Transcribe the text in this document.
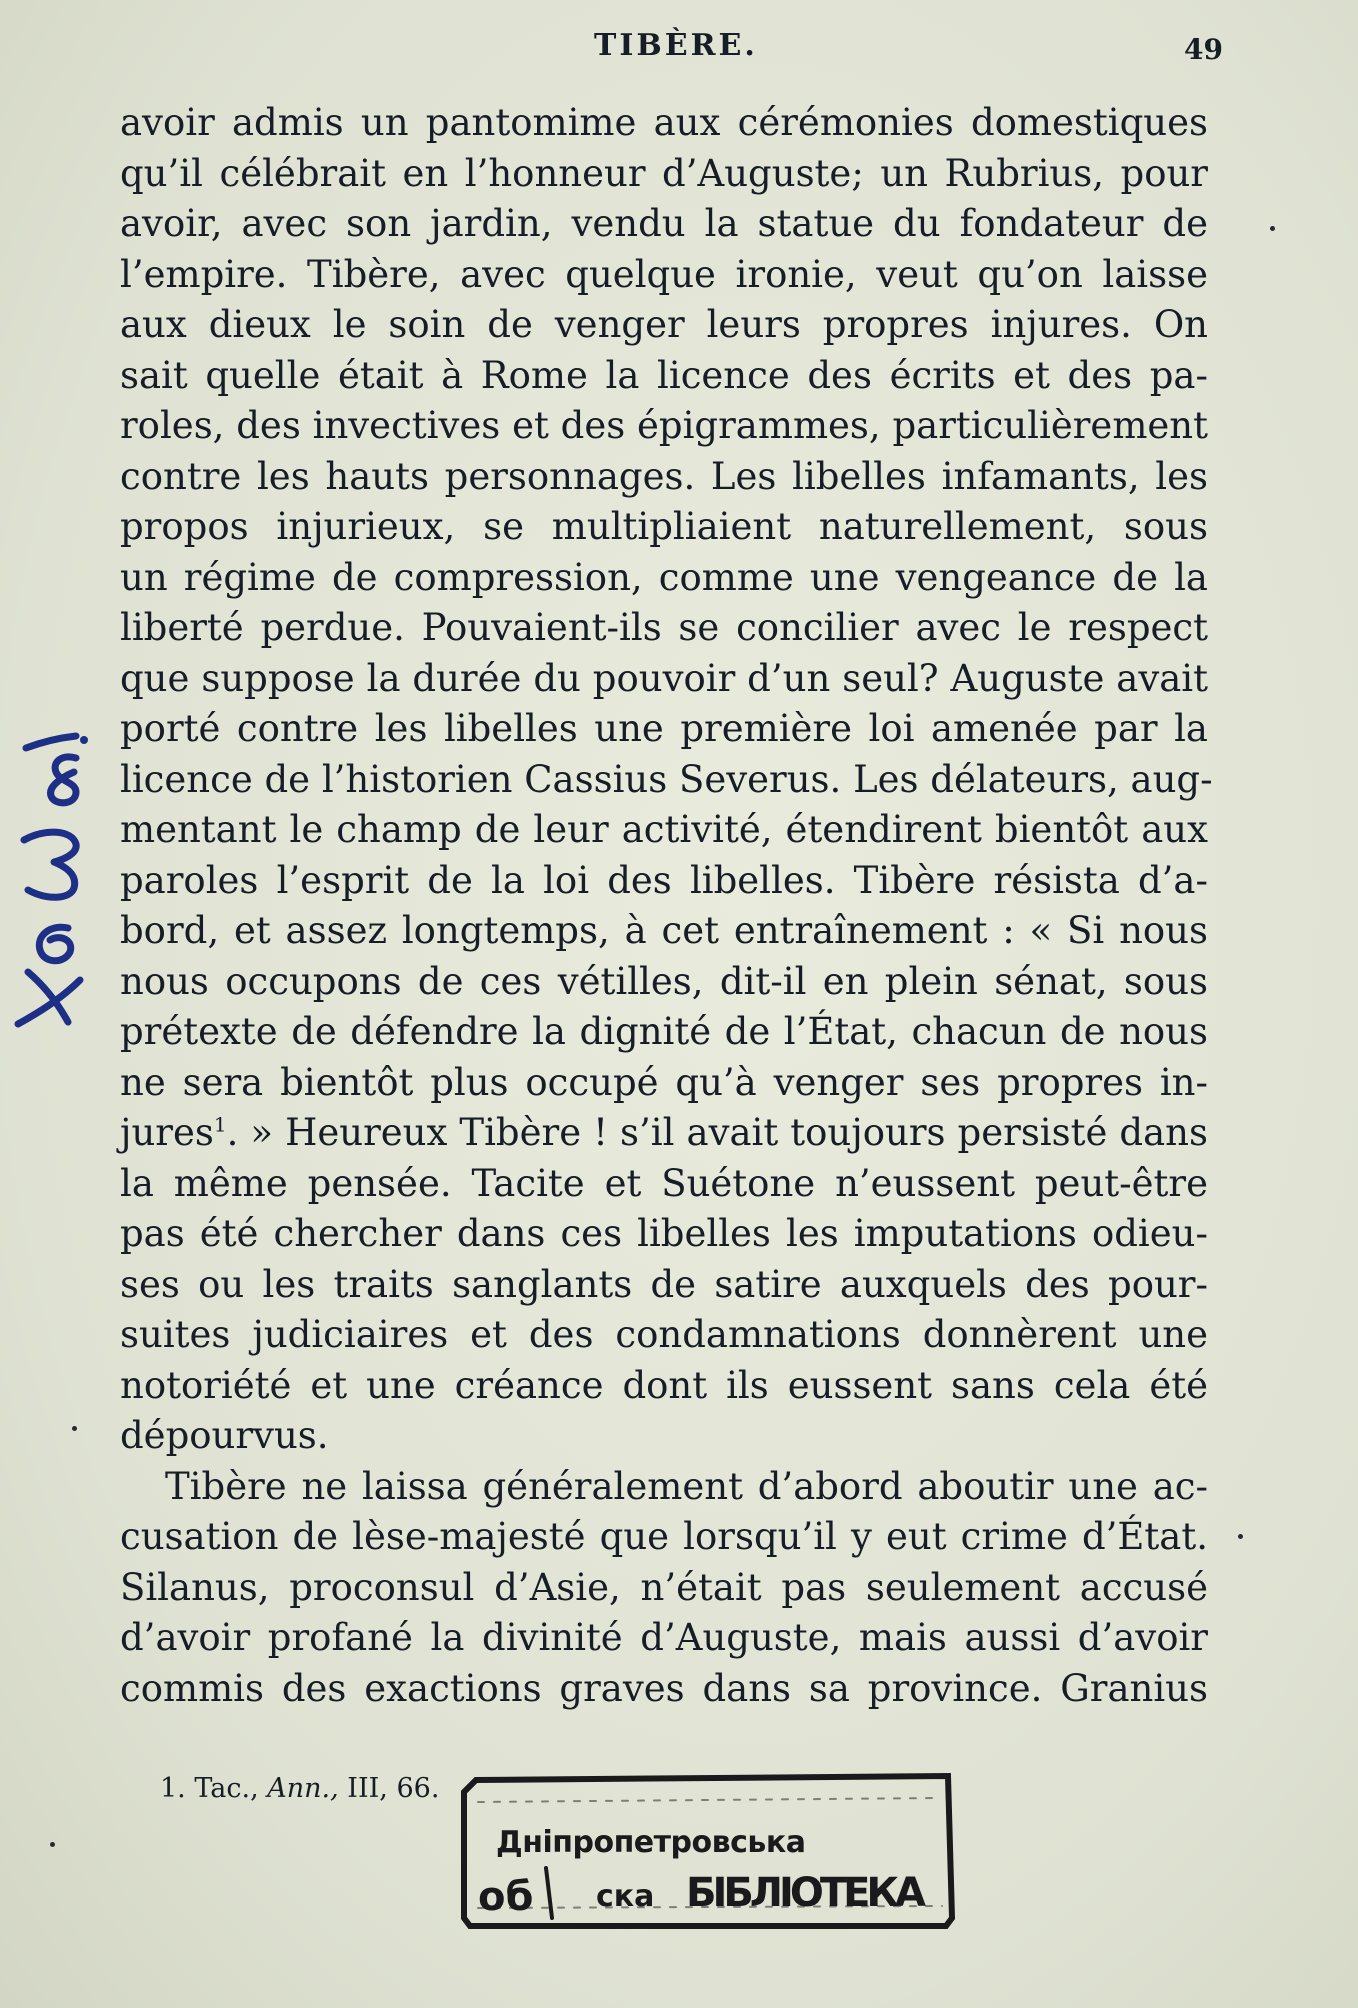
TIBÈRE.	49
avoir admis un pantomime aux cérémonies domestiques
qu’il célébrait en l’honneur d’Auguste; un Rubrius, pour
avoir, avec son jardin, vendu la statue du fondateur de
l’empire. Tibère, avec quelque ironie, veut qu’on laisse
aux dieux le soin de venger leurs propres injures. On
sait quelle était à Rome la licence des écrits et des pa-
roles, des invectives et des épigrammes, particulièrement
contre les hauts personnages. Les libelles infamants, les
propos injurieux, se multipliaient naturellement, sous
un régime de compression, comme une vengeance de la
liberté perdue. Pouvaient-ils se concilier avec le respect
que suppose la durée du pouvoir d’un seul? Auguste avait
porté contre les libelles une première loi amenée par la
licence de l’historien Cassius Severus. Les délateurs, aug-
mentant le champ de leur activité, étendirent bientôt aux
paroles l’esprit de la loi des libelles. Tibère résista d’a-
bord, et assez longtemps, à cet entraînement : « Si nous
nous occupons de ces vétilles, dit-il en plein sénat, sous
prétexte de défendre la dignité de l’État, chacun de nous
ne sera bientôt plus occupé qu’à venger ses propres in-
jures$^1$. » Heureux Tibère ! s’il avait toujours persisté dans
la même pensée. Tacite et Suétone n’eussent peut-être
pas été chercher dans ces libelles les imputations odieu-
ses ou les traits sanglants de satire auxquels des pour-
suites judiciaires et des condamnations donnèrent une
notoriété et une créance dont ils eussent sans cela été
dépourvus.
Tibère ne laissa généralement d’abord aboutir une ac-
cusation de lèse-majesté que lorsqu’il y eut crime d’État.
Silanus, proconsul d’Asie, n’était pas seulement accusé
d’avoir profané la divinité d’Auguste, mais aussi d’avoir
commis des exactions graves dans sa province. Granius
1. Tac., Ann., III, 66.
Дніпропетровська
об ска БІБЛІОТЕКА
